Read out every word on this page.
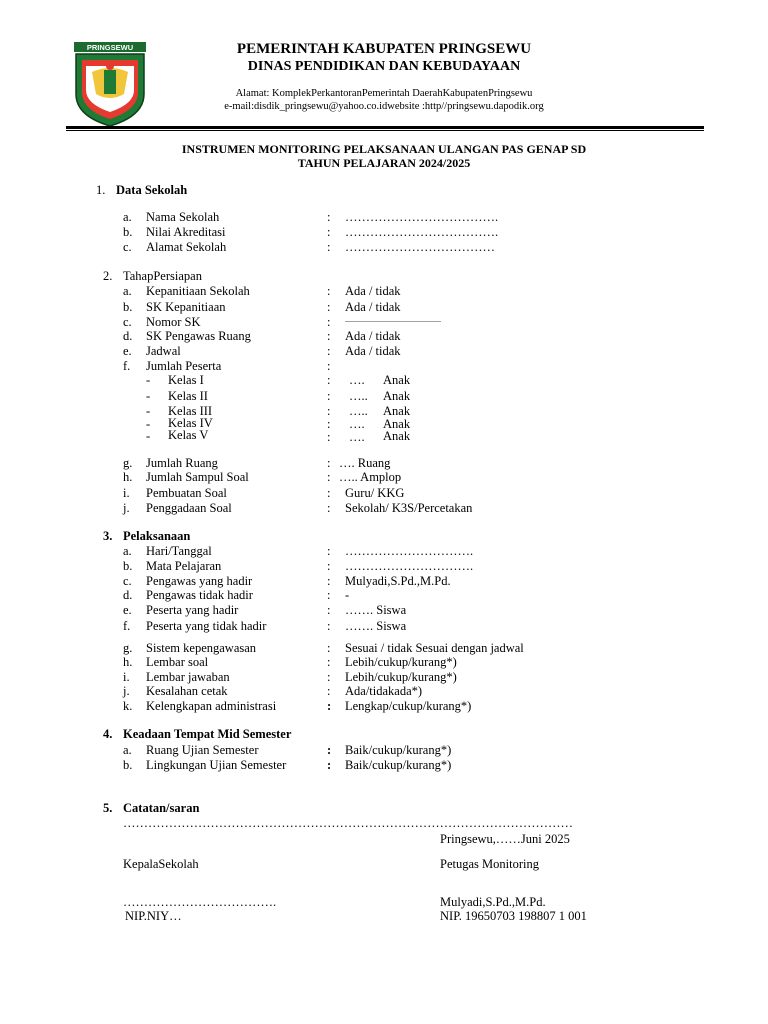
PRINGSEWU	PEMERINTAH KABUPATEN PRINGSEWU
DINAS PENDIDIKAN DAN KEBUDAYAAN
Alamat: KomplekPerkantoranPemerintah DaerahKabupatenPringsewu
e-mail:disdik_pringsewu@yahoo.co.idwebsite :http//pringsewu.dapodik.org
INSTRUMEN MONITORING PELAKSANAAN ULANGAN PAS GENAP SD
TAHUN PELAJARAN 2024/2025
1. Data Sekolah
a. Nama Sekolah	: ……………………………….
b. Nilai Akreditasi	: ……………………………….
c. Alamat Sekolah	: ………………………………
2. TahapPersiapan
a. Kepanitiaan Sekolah	: Ada / tidak
b. SK Kepanitiaan	: Ada / tidak
c. Nomor SK	: ................................................
d. SK Pengawas Ruang	: Ada / tidak
e. Jadwal	: Ada / tidak
f. Jumlah Peserta	:
- Kelas I	: …. Anak
- Kelas II	: ….. Anak
- Kelas III	: ….. Anak
- Kelas IV	: …. Anak
- Kelas V	: …. Anak
g. Jumlah Ruang	: …. Ruang
h. Jumlah Sampul Soal	: ….. Amplop
i. Pembuatan Soal	: Guru/ KKG
j. Penggadaan Soal	: Sekolah/ K3S/Percetakan
3. Pelaksanaan
a. Hari/Tanggal	: ………………………….
b. Mata Pelajaran	: ………………………….
c. Pengawas yang hadir	: Mulyadi,S.Pd.,M.Pd.
d. Pengawas tidak hadir	: -
e. Peserta yang hadir	: ……. Siswa
f. Peserta yang tidak hadir	: ……. Siswa
g. Sistem kepengawasan	: Sesuai / tidak Sesuai dengan jadwal
h. Lembar soal	: Lebih/cukup/kurang*)
i. Lembar jawaban	: Lebih/cukup/kurang*)
j. Kesalahan cetak	: Ada/tidakada*)
k. Kelengkapan administrasi	: Lengkap/cukup/kurang*)
4. Keadaan Tempat Mid Semester
a. Ruang Ujian Semester	: Baik/cukup/kurang*)
b. Lingkungan Ujian Semester	: Baik/cukup/kurang*)
5. Catatan/saran
………………………………………………………………………………………………
Pringsewu,……Juni 2025
KepalaSekolah	Petugas Monitoring
……………………………….	Mulyadi,S.Pd.,M.Pd.
NIP.NIY…	NIP. 19650703 198807 1 001
